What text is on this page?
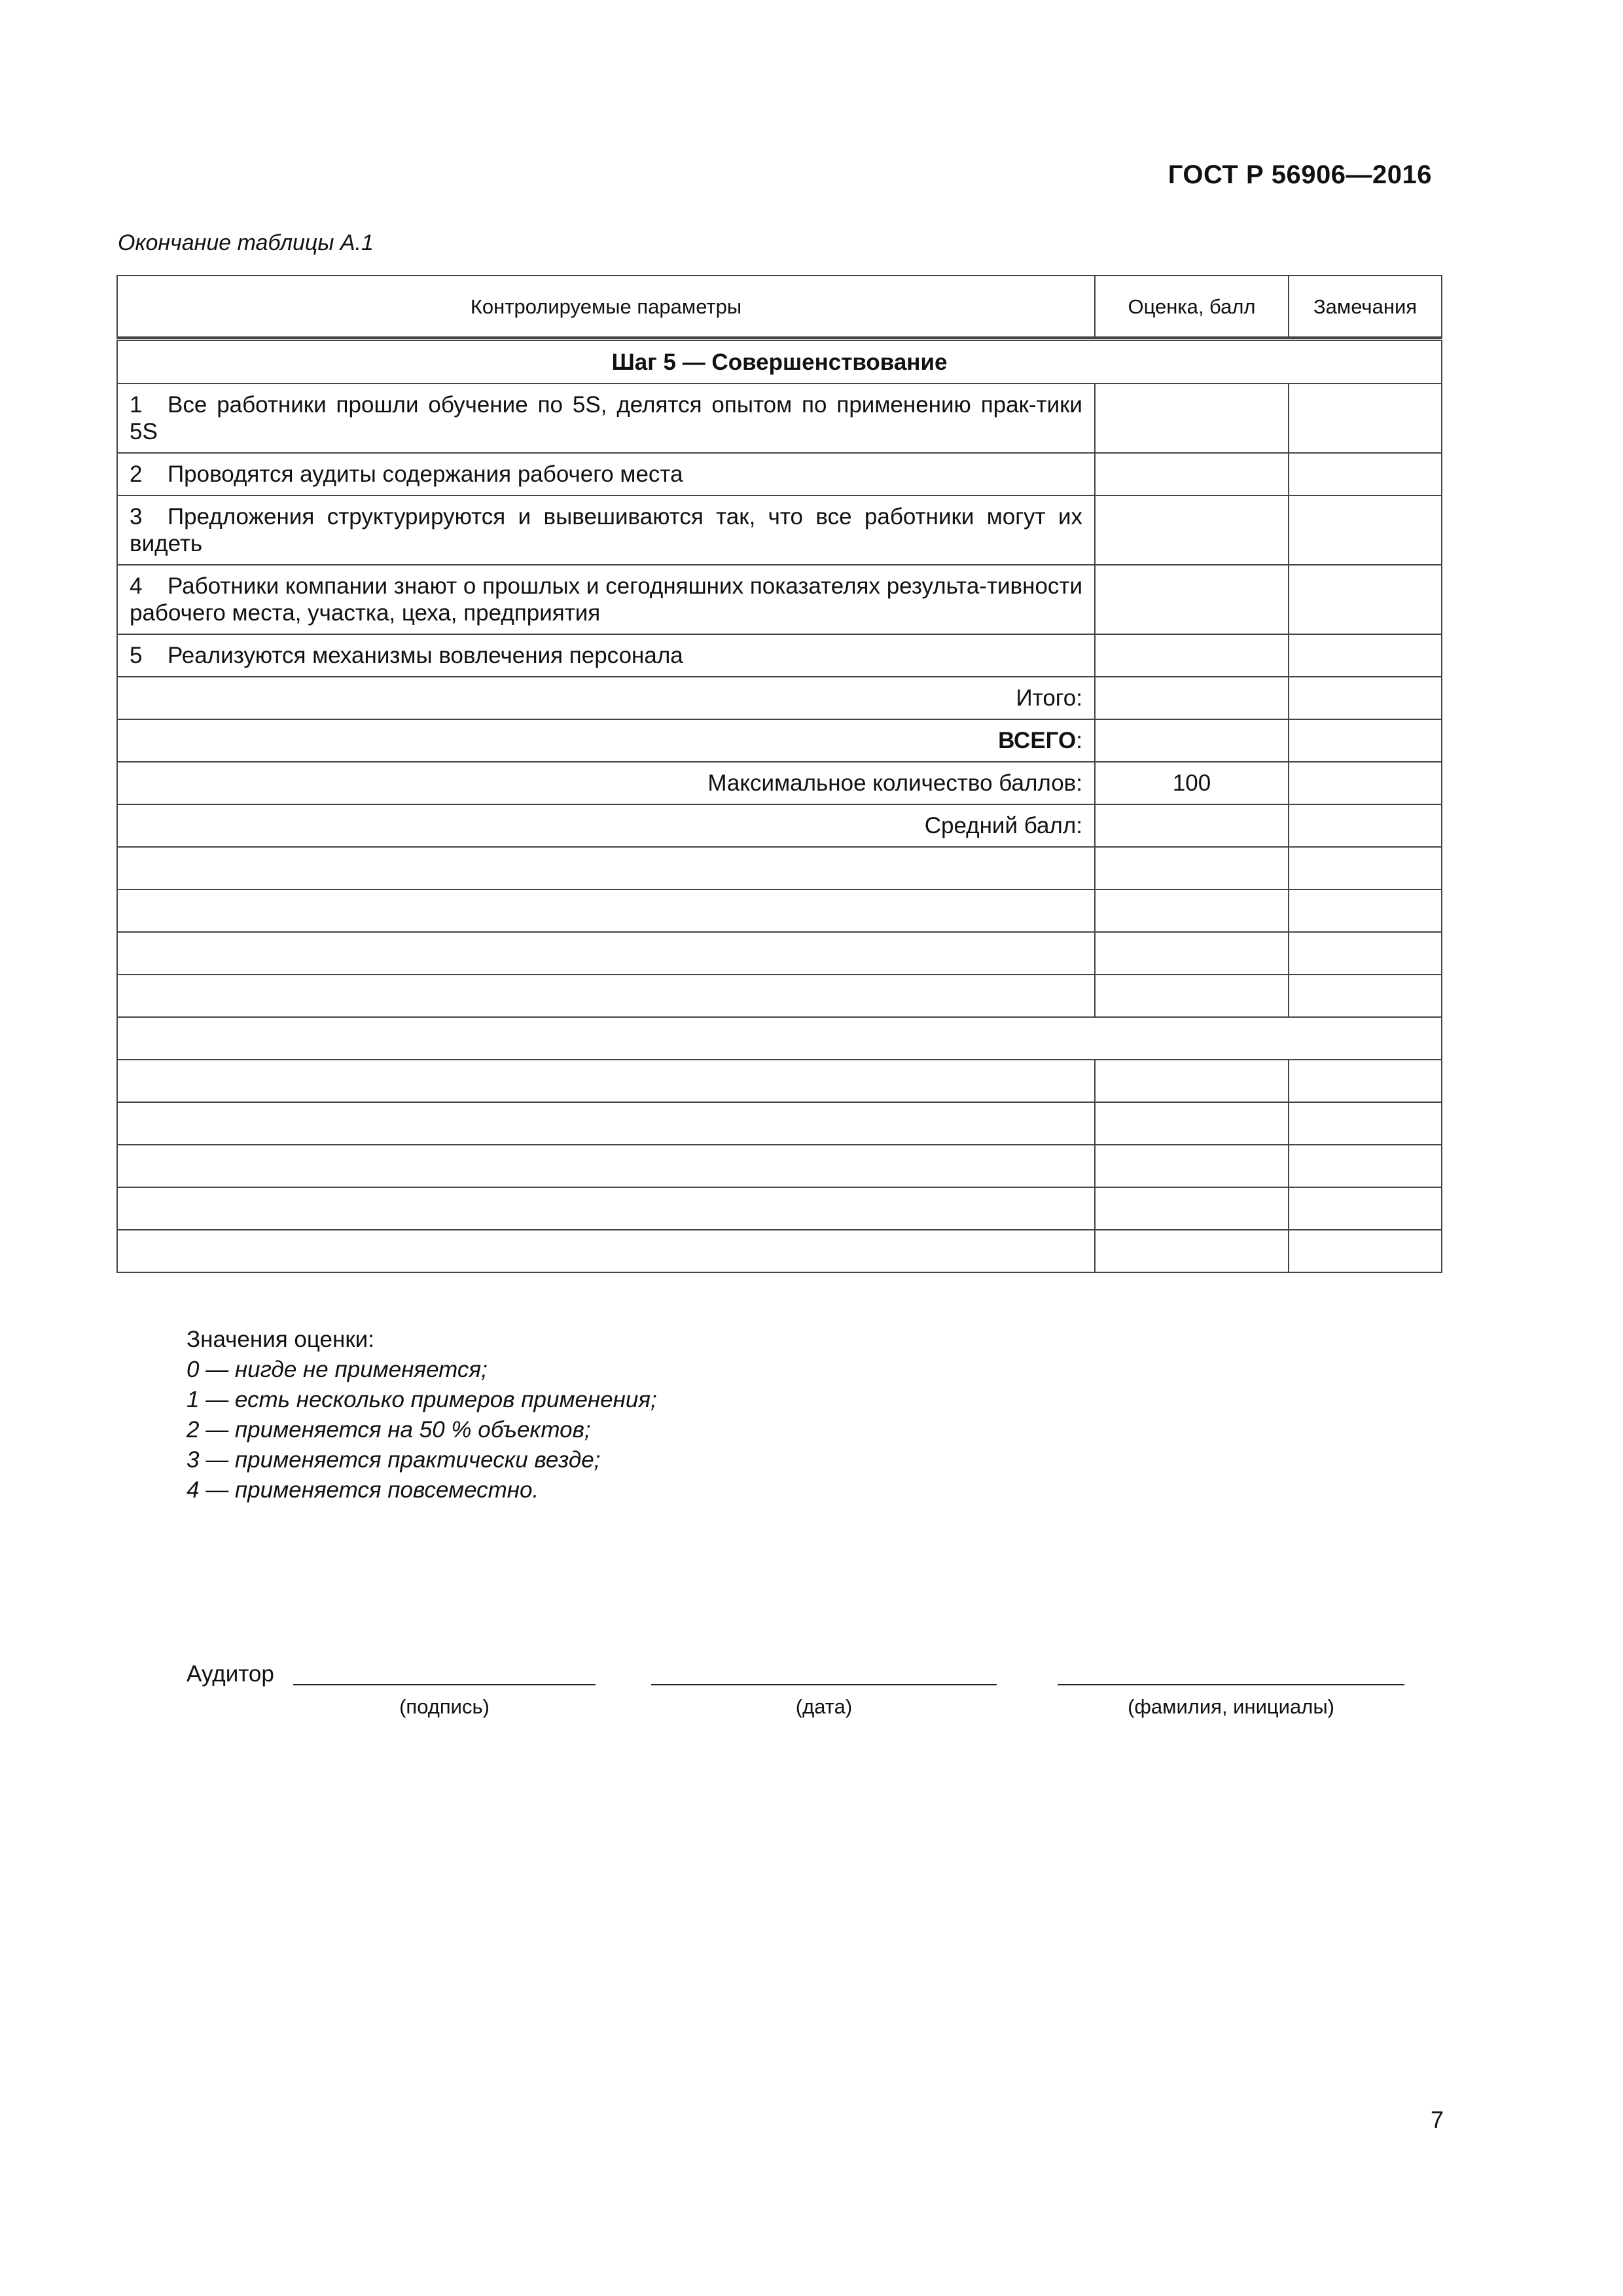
ГОСТ Р 56906—2016
Окончание таблицы А.1
Контролируемые параметры	Оценка, балл	Замечания

Шаг 5 — Совершенствование		
1 Все работники прошли обучение по 5S, делятся опытом по применению прак-тики 5S		
2 Проводятся аудиты содержания рабочего места		
3 Предложения структурируются и вывешиваются так, что все работники могут их видеть		
4 Работники компании знают о прошлых и сегодняшних показателях результа-тивности рабочего места, участка, цеха, предприятия		
5 Реализуются механизмы вовлечения персонала		
Итого:		
ВСЕГО:		
Максимальное количество баллов:	100	
Средний балл:		

Значения оценки:
0 — нигде не применяется;
1 — есть несколько примеров применения;
2 — применяется на 50 % объектов;
3 — применяется практически везде;
4 — применяется повсеместно.
Аудитор
(подпись)	(дата)	(фамилия, инициалы)
7
